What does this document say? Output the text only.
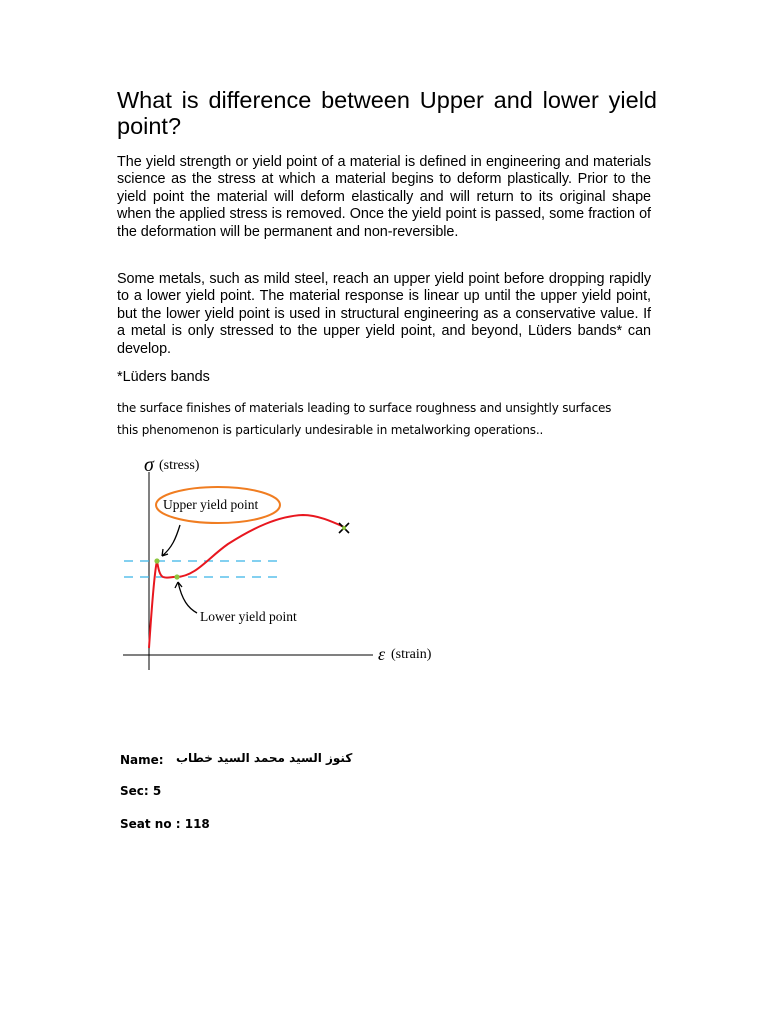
What is difference between Upper and lower yield point?

The yield strength or yield point of a material is defined in engineering and materials science as the stress at which a material begins to deform plastically. Prior to the yield point the material will deform elastically and will return to its original shape when the applied stress is removed. Once the yield point is passed, some fraction of the deformation will be permanent and non-reversible.

Some metals, such as mild steel, reach an upper yield point before dropping rapidly to a lower yield point. The material response is linear up until the upper yield point, but the lower yield point is used in structural engineering as a conservative value. If a metal is only stressed to the upper yield point, and beyond, Lüders bands* can develop.

*Lüders bands

the surface finishes of materials leading to surface roughness and unsightly surfaces

this phenomenon is particularly undesirable in metalworking operations..

σ (stress)
ε (strain)
Upper yield point
Lower yield point

Name: كنوز السيد محمد السيد خطاب

Sec: 5

Seat no : 118
